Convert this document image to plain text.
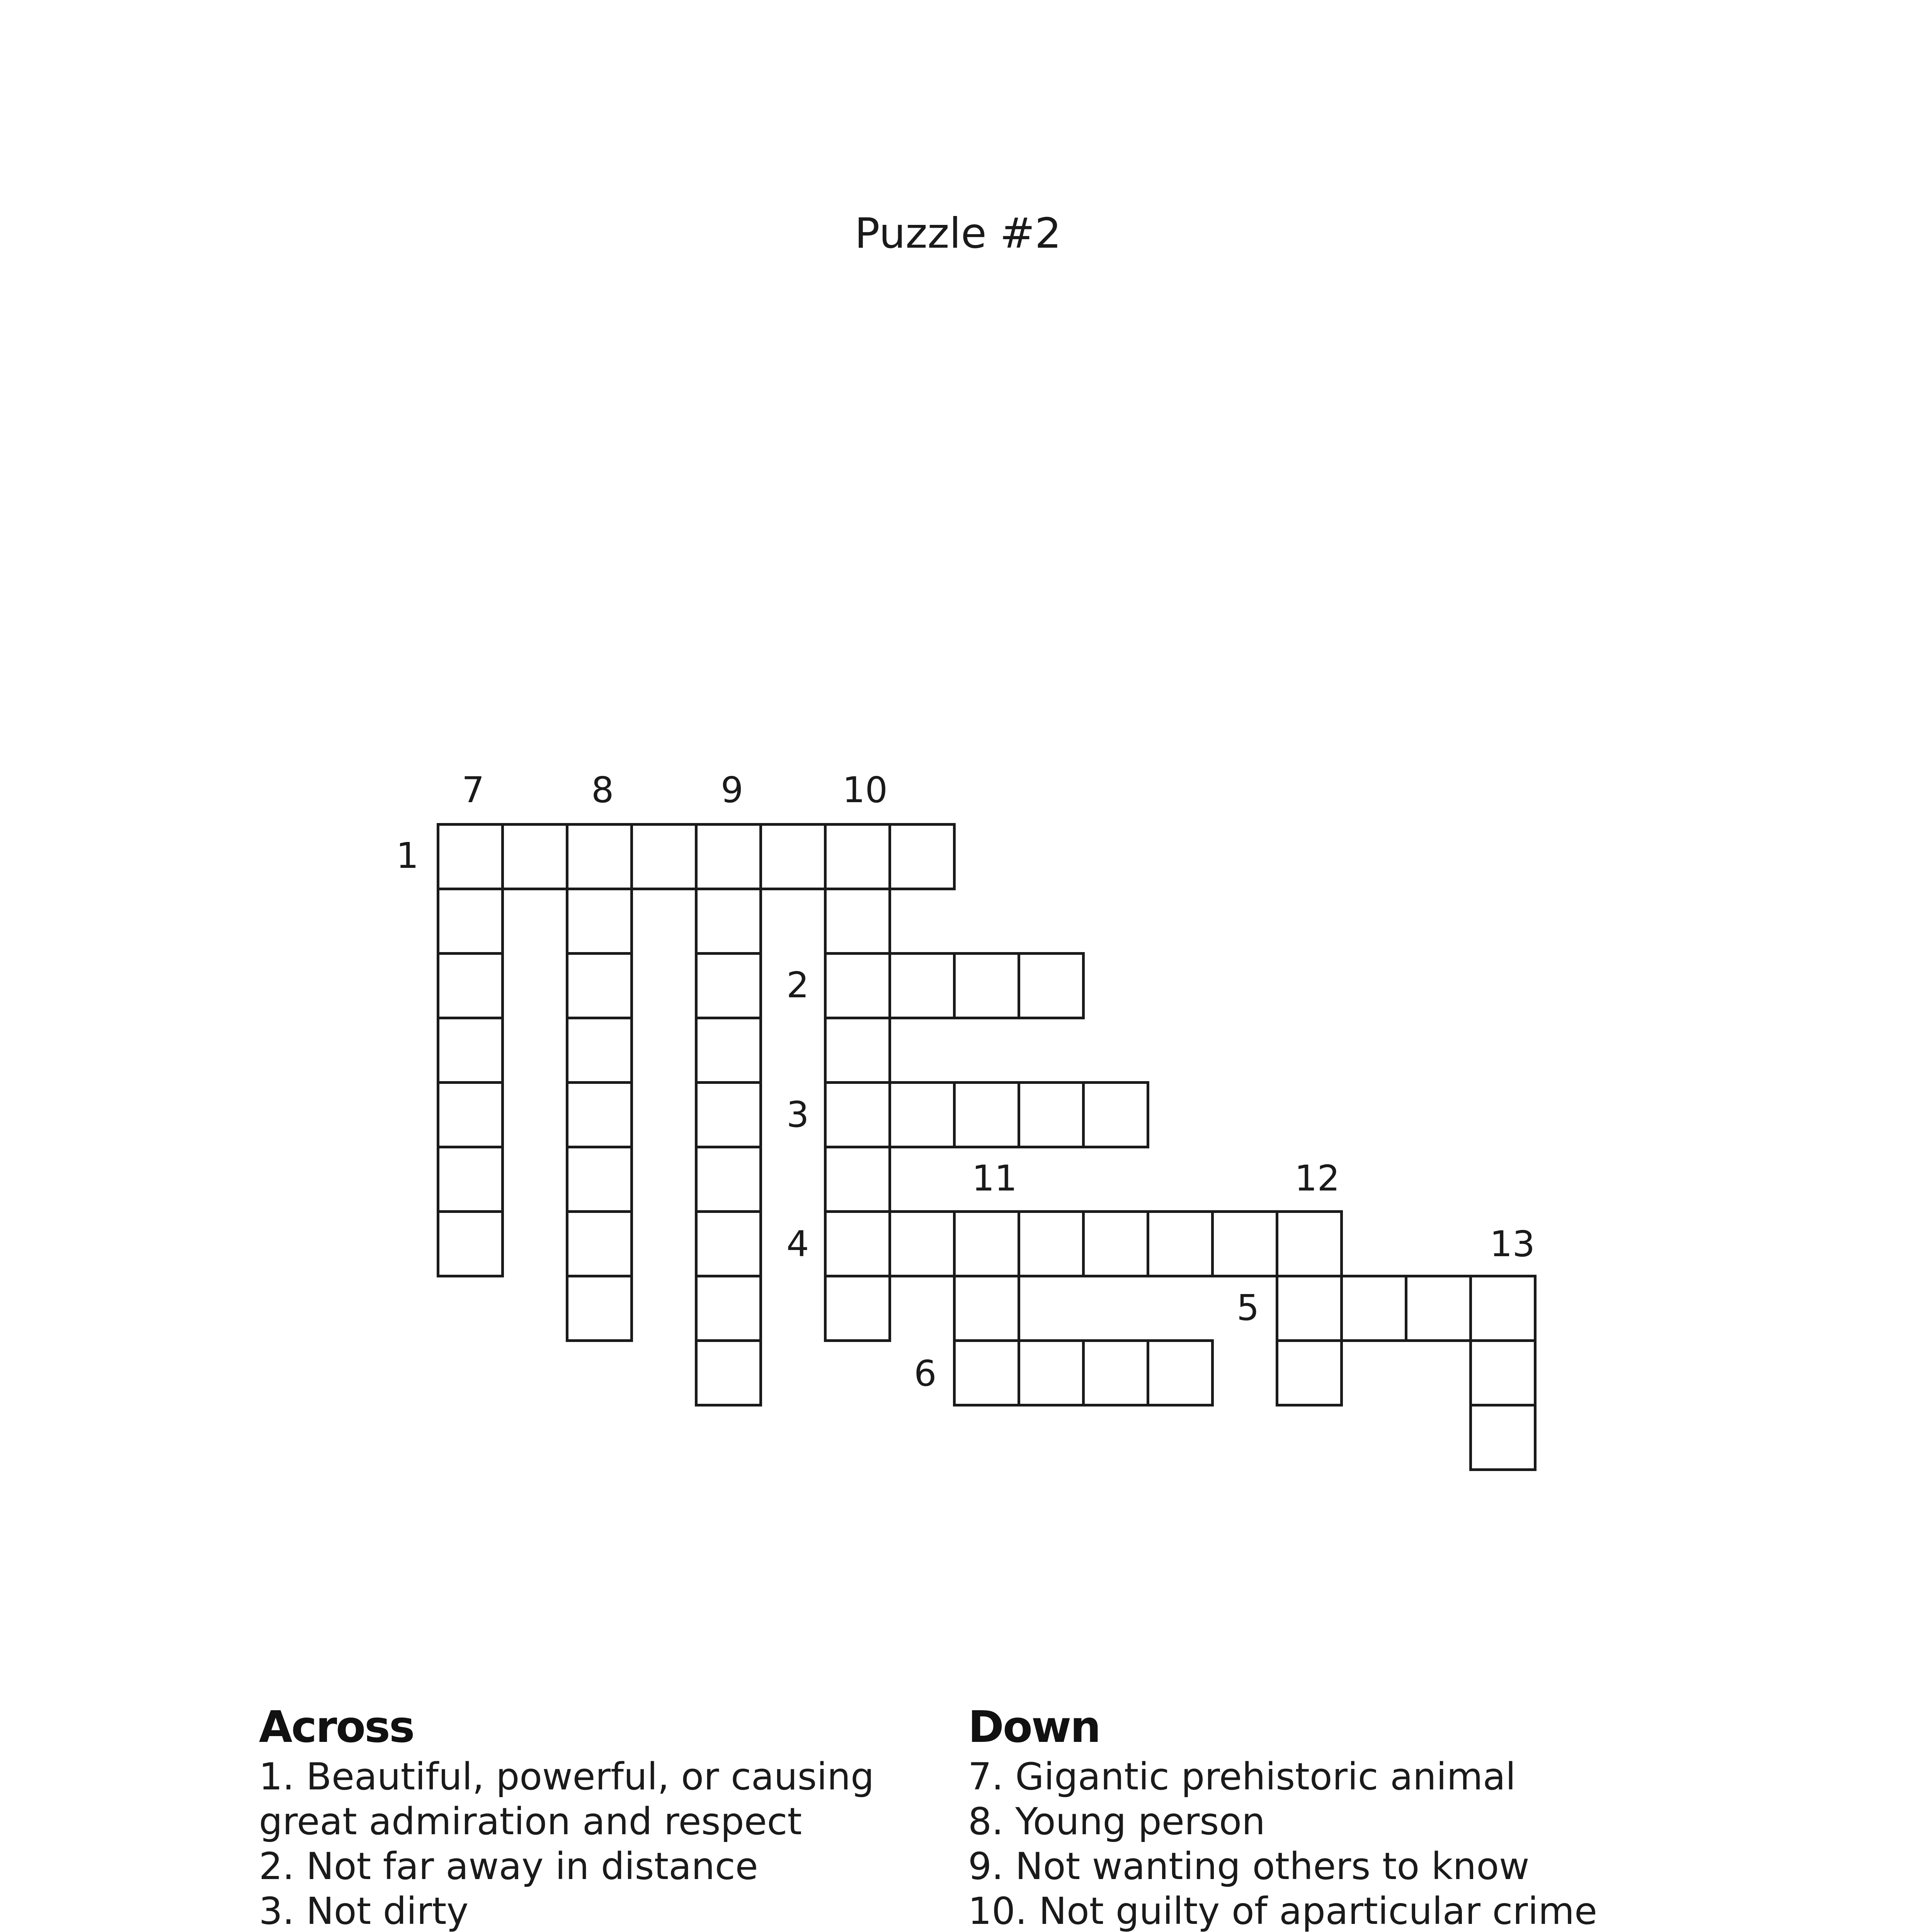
Puzzle #2
7	8	9	10
1
2
3
11	12
4	13
5
6
Across
1. Beautiful, powerful, or causing great admiration and respect
2. Not far away in distance
3. Not dirty
Down
7. Gigantic prehistoric animal
8. Young person
9. Not wanting others to know
10. Not guilty of aparticular crime
